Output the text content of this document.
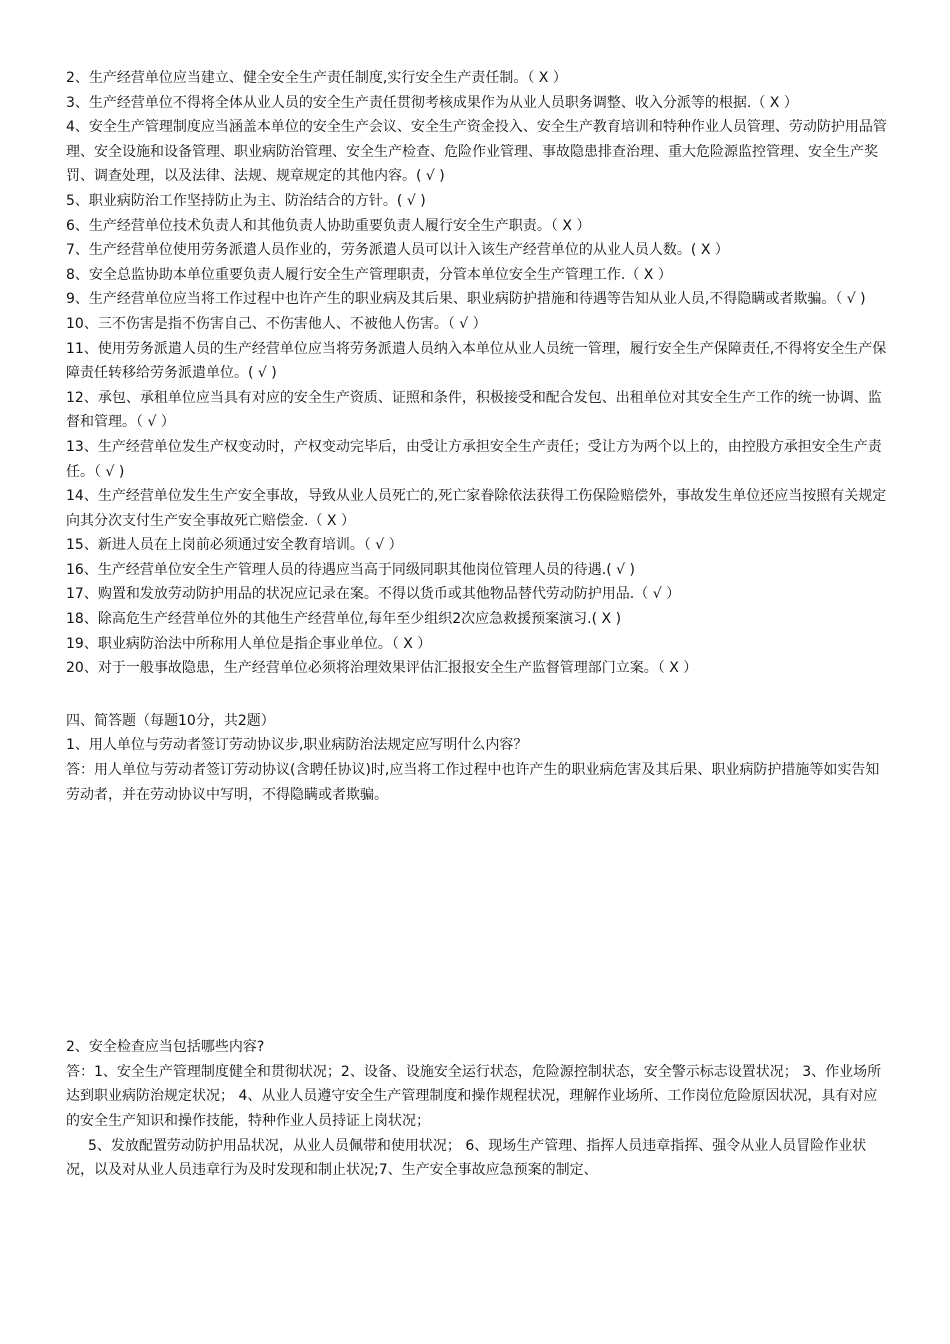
2、生产经营单位应当建立、健全安全生产责任制度,实行安全生产责任制。（ X ）

3、生产经营单位不得将全体从业人员的安全生产责任贯彻考核成果作为从业人员职务调整、收入分派等的根据.（ X ）

4、安全生产管理制度应当涵盖本单位的安全生产会议、安全生产资金投入、安全生产教育培训和特种作业人员管理、劳动防护用品管理、安全设施和设备管理、职业病防治管理、安全生产检查、危险作业管理、事故隐患排查治理、重大危险源监控管理、安全生产奖罚、调查处理，以及法律、法规、规章规定的其他内容。( √ )

5、职业病防治工作坚持防止为主、防治结合的方针。( √ )

6、生产经营单位技术负责人和其他负责人协助重要负责人履行安全生产职责。（ X ）

7、生产经营单位使用劳务派遣人员作业的，劳务派遣人员可以计入该生产经营单位的从业人员人数。( X ）

8、安全总监协助本单位重要负责人履行安全生产管理职责，分管本单位安全生产管理工作.（ X ）

9、生产经营单位应当将工作过程中也许产生的职业病及其后果、职业病防护措施和待遇等告知从业人员,不得隐瞒或者欺骗。（ √ )

10、三不伤害是指不伤害自己、不伤害他人、不被他人伤害。（ √ ）

11、使用劳务派遣人员的生产经营单位应当将劳务派遣人员纳入本单位从业人员统一管理，履行安全生产保障责任,不得将安全生产保障责任转移给劳务派遣单位。( √ )

12、承包、承租单位应当具有对应的安全生产资质、证照和条件，积极接受和配合发包、出租单位对其安全生产工作的统一协调、监督和管理。（ √ ）

13、生产经营单位发生产权变动时，产权变动完毕后，由受让方承担安全生产责任；受让方为两个以上的，由控股方承担安全生产责任。（ √ )

14、生产经营单位发生生产安全事故，导致从业人员死亡的,死亡家眷除依法获得工伤保险赔偿外，事故发生单位还应当按照有关规定向其分次支付生产安全事故死亡赔偿金.（ X ）

15、新进人员在上岗前必须通过安全教育培训。（ √ ）

16、生产经营单位安全生产管理人员的待遇应当高于同级同职其他岗位管理人员的待遇.( √ )

17、购置和发放劳动防护用品的状况应记录在案。不得以货币或其他物品替代劳动防护用品.（ √ ）

18、除高危生产经营单位外的其他生产经营单位,每年至少组织2次应急救援预案演习.( X )

19、职业病防治法中所称用人单位是指企事业单位。（ X ）

20、对于一般事故隐患，生产经营单位必须将治理效果评估汇报报安全生产监督管理部门立案。（ X ）

四、简答题（每题10分，共2题）

1、用人单位与劳动者签订劳动协议步,职业病防治法规定应写明什么内容？

答：用人单位与劳动者签订劳动协议(含聘任协议)时,应当将工作过程中也许产生的职业病危害及其后果、职业病防护措施等如实告知劳动者，并在劳动协议中写明，不得隐瞒或者欺骗。

2、安全检查应当包括哪些内容?

答：1、安全生产管理制度健全和贯彻状况；2、设备、设施安全运行状态，危险源控制状态，安全警示标志设置状况； 3、作业场所达到职业病防治规定状况； 4、从业人员遵守安全生产管理制度和操作规程状况，理解作业场所、工作岗位危险原因状况，具有对应的安全生产知识和操作技能，特种作业人员持证上岗状况；

5、发放配置劳动防护用品状况，从业人员佩带和使用状况； 6、现场生产管理、指挥人员违章指挥、强令从业人员冒险作业状况，以及对从业人员违章行为及时发现和制止状况;7、生产安全事故应急预案的制定、
